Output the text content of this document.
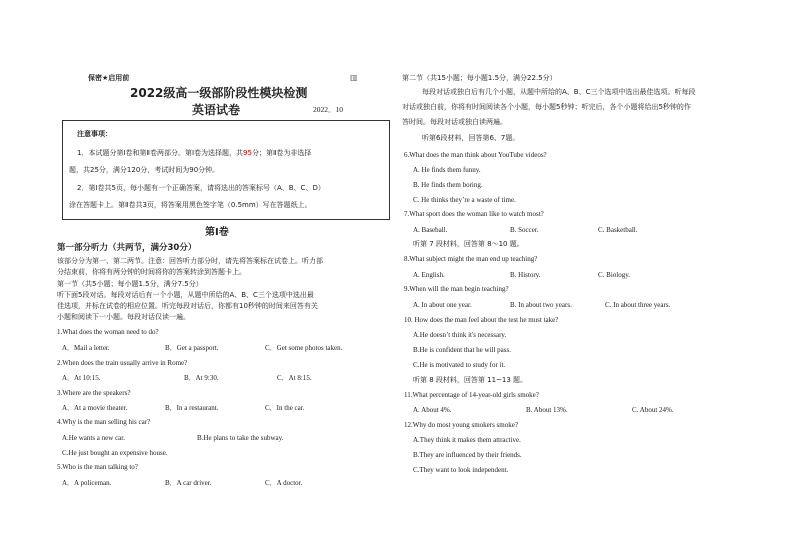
保密★启用前	▥
2022级高一级部阶段性模块检测
英语试卷	2022．10
注意事项：
1．本试题分第Ⅰ卷和第Ⅱ卷两部分。第Ⅰ卷为选择题，共95分；第Ⅱ卷为非选择
题，共25分，满分120分，考试时间为90分钟。
2．第Ⅰ卷共5页，每小题有一个正确答案，请将选出的答案标号（A、B、C、D）
涂在答题卡上。第Ⅱ卷共3页，将答案用黑色签字笔（0.5mm）写在答题纸上。
第Ⅰ卷
第一部分听力（共两节，满分30分）
该部分分为第一、第二两节。注意：回答听力部分时，请先将答案标在试卷上。听力部
分结束前，你将有两分钟的时间将你的答案转涂到答题卡上。
第一节（共5小题；每小题1.5分，满分7.5分）
听下面5段对话。每段对话后有一个小题，从题中所给的A、B、C三个选项中选出最
佳选项，并标在试卷的相应位置。听完每段对话后，你都有10秒钟的时间来回答有关
小题和阅读下一小题。每段对话仅读一遍。
1.What does the woman need to do?
A．Mail a letter.	B．Get a passport.	C．Get some photos taken.
2.When does the train usually arrive in Rome?
A．At 10:15.	B．At 9:30.	C．At 8:15.
3.Where are the speakers?
A．At a movie theater.	B．In a restaurant.	C．In the car.
4.Why is the man selling his car?
A.He wants a new car.	B.He plans to take the subway.
C.He just bought an expensive house.
5.Who is the man talking to?
A．A policeman.	B．A car driver.	C．A doctor.
第二节（共15小题；每小题1.5分，满分22.5分）
每段对话或独白后有几个小题，从题中所给的A、B、C三个选项中选出最佳选项。听每段
对话或独白前，你将有时间阅读各个小题，每小题5秒钟；听完后，各个小题将给出5秒钟的作
答时间。每段对话或独白读两遍。
听第6段材料，回答第6、7题。
6.What does the man think about YouTube videos?
A. He finds them funny.
B. He finds them boring.
C. He thinks they’re a waste of time.
7.What sport does the woman like to watch most?
A. Baseball.	B. Soccer.	C. Basketball.
听第 7 段材料，回答第 8～10 题。
8.What subject might the man end up teaching?
A. English.	B. History.	C. Biology.
9.When will the man begin teaching?
A. In about one year.	B. In about two years.	C. In about three years.
10. How does the man feel about the test he must take?
A.He doesn’t think it's necessary.
B.He is confident that he will pass.
C.He is motivated to study for it.
听第 8 段材料，回答第 11~13 题。
11.What percentage of 14-year-old girls smoke?
A. About 4%.	B. About 13%.	C. About 24%.
12.Why do most young smokers smoke?
A.They think it makes them attractive.
B.They are influenced by their friends.
C.They want to look independent.
